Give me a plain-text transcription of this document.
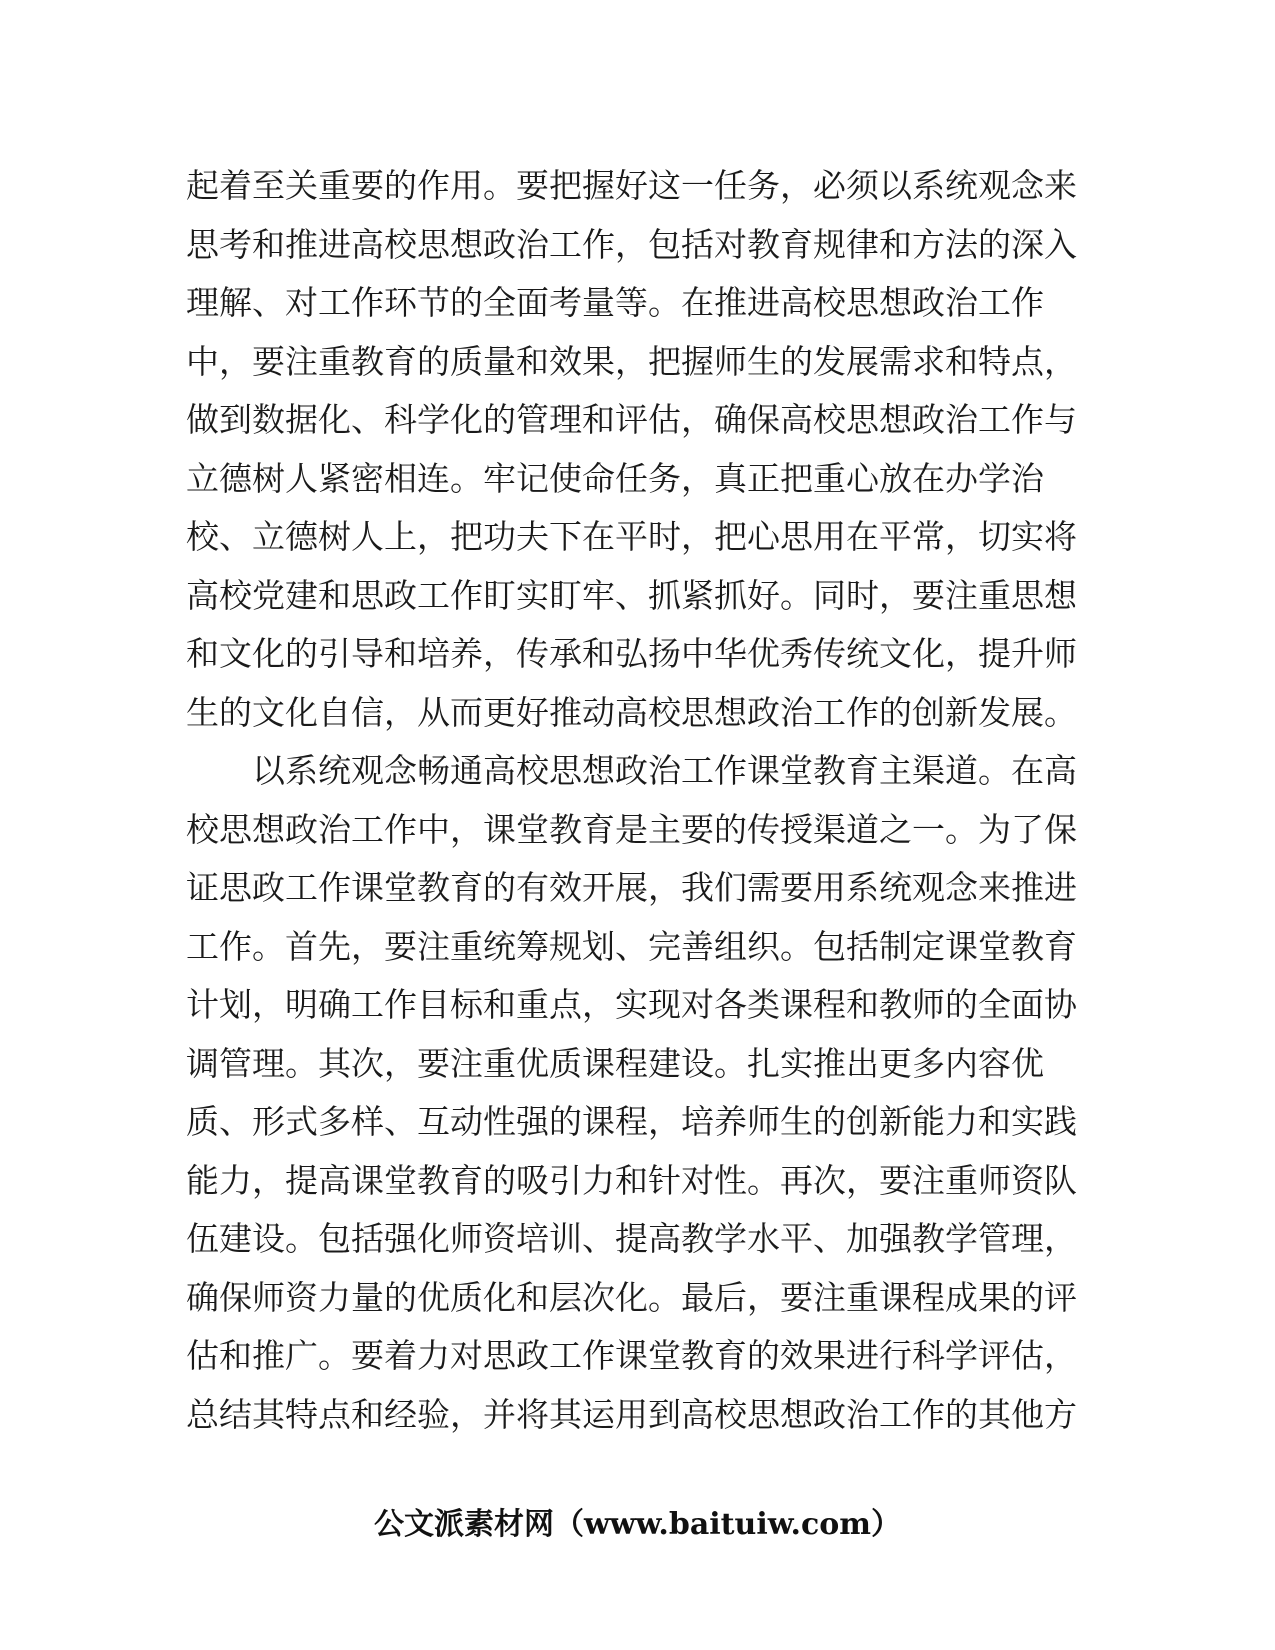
起着至关重要的作用。要把握好这一任务，必须以系统观念来
思考和推进高校思想政治工作，包括对教育规律和方法的深入
理解、对工作环节的全面考量等。在推进高校思想政治工作
中，要注重教育的质量和效果，把握师生的发展需求和特点，
做到数据化、科学化的管理和评估，确保高校思想政治工作与
立德树人紧密相连。牢记使命任务，真正把重心放在办学治
校、立德树人上，把功夫下在平时，把心思用在平常，切实将
高校党建和思政工作盯实盯牢、抓紧抓好。同时，要注重思想
和文化的引导和培养，传承和弘扬中华优秀传统文化，提升师
生的文化自信，从而更好推动高校思想政治工作的创新发展。
以系统观念畅通高校思想政治工作课堂教育主渠道。在高
校思想政治工作中，课堂教育是主要的传授渠道之一。为了保
证思政工作课堂教育的有效开展，我们需要用系统观念来推进
工作。首先，要注重统筹规划、完善组织。包括制定课堂教育
计划，明确工作目标和重点，实现对各类课程和教师的全面协
调管理。其次，要注重优质课程建设。扎实推出更多内容优
质、形式多样、互动性强的课程，培养师生的创新能力和实践
能力，提高课堂教育的吸引力和针对性。再次，要注重师资队
伍建设。包括强化师资培训、提高教学水平、加强教学管理，
确保师资力量的优质化和层次化。最后，要注重课程成果的评
估和推广。要着力对思政工作课堂教育的效果进行科学评估，
总结其特点和经验，并将其运用到高校思想政治工作的其他方
公文派素材网（www.baituiw.com）
